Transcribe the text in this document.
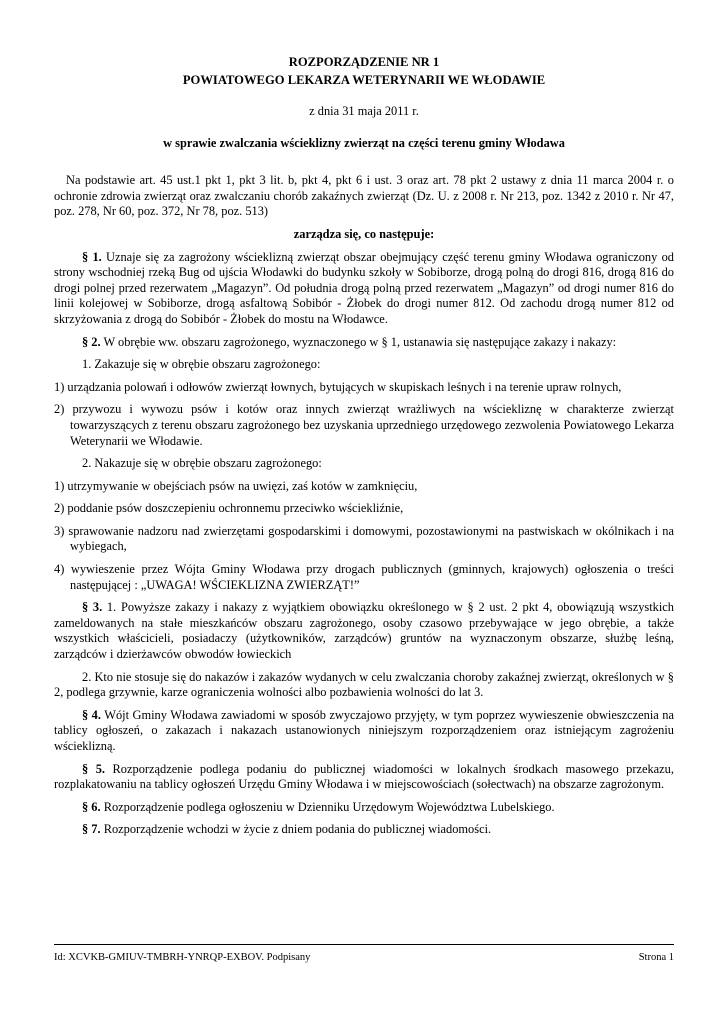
ROZPORZĄDZENIE NR 1
POWIATOWEGO LEKARZA WETERYNARII WE WŁODAWIE
z dnia 31 maja 2011 r.
w sprawie zwalczania wścieklizny zwierząt na części terenu gminy Włodawa

Na podstawie art. 45 ust.1 pkt 1, pkt 3 lit. b, pkt 4, pkt 6 i ust. 3 oraz art. 78 pkt 2 ustawy z dnia 11 marca 2004 r. o ochronie zdrowia zwierząt oraz zwalczaniu chorób zakaźnych zwierząt (Dz. U. z 2008 r. Nr 213, poz. 1342 z 2010 r. Nr 47, poz. 278, Nr 60, poz. 372, Nr 78, poz. 513)

zarządza się, co następuje:

§ 1. Uznaje się za zagrożony wścieklizną zwierząt obszar obejmujący część terenu gminy Włodawa ograniczony od strony wschodniej rzeką Bug od ujścia Włodawki do budynku szkoły w Sobiborze, drogą polną do drogi 816, drogą 816 do drogi polnej przed rezerwatem „Magazyn”. Od południa drogą polną przed rezerwatem „Magazyn” od drogi numer 816 do linii kolejowej w Sobiborze, drogą asfaltową Sobibór - Żłobek do drogi numer 812. Od zachodu drogą numer 812 od skrzyżowania z drogą do Sobibór - Żłobek do mostu na Włodawce.

§ 2. W obrębie ww. obszaru zagrożonego, wyznaczonego w § 1, ustanawia się następujące zakazy i nakazy:

1. Zakazuje się w obrębie obszaru zagrożonego:

1) urządzania polowań i odłowów zwierząt łownych, bytujących w skupiskach leśnych i na terenie upraw rolnych,

2) przywozu i wywozu psów i kotów oraz innych zwierząt wrażliwych na wściekliznę w charakterze zwierząt towarzyszących z terenu obszaru zagrożonego bez uzyskania uprzedniego urzędowego zezwolenia Powiatowego Lekarza Weterynarii we Włodawie.

2. Nakazuje się w obrębie obszaru zagrożonego:

1) utrzymywanie w obejściach psów na uwięzi, zaś kotów w zamknięciu,

2) poddanie psów doszczepieniu ochronnemu przeciwko wściekliźnie,

3) sprawowanie nadzoru nad zwierzętami gospodarskimi i domowymi, pozostawionymi na pastwiskach w okólnikach i na wybiegach,

4) wywieszenie przez Wójta Gminy Włodawa przy drogach publicznych (gminnych, krajowych) ogłoszenia o treści następującej : „UWAGA! WŚCIEKLIZNA ZWIERZĄT!”

§ 3. 1. Powyższe zakazy i nakazy z wyjątkiem obowiązku określonego w § 2 ust. 2 pkt 4, obowiązują wszystkich zameldowanych na stałe mieszkańców obszaru zagrożonego, osoby czasowo przebywające w jego obrębie, a także wszystkich właścicieli, posiadaczy (użytkowników, zarządców) gruntów na wyznaczonym obszarze, służbę leśną, zarządców i dzierżawców obwodów łowieckich

2. Kto nie stosuje się do nakazów i zakazów wydanych w celu zwalczania choroby zakaźnej zwierząt, określonych w § 2, podlega grzywnie, karze ograniczenia wolności albo pozbawienia wolności do lat 3.

§ 4. Wójt Gminy Włodawa zawiadomi w sposób zwyczajowo przyjęty, w tym poprzez wywieszenie obwieszczenia na tablicy ogłoszeń, o zakazach i nakazach ustanowionych niniejszym rozporządzeniem oraz istniejącym zagrożeniu wścieklizną.

§ 5. Rozporządzenie podlega podaniu do publicznej wiadomości w lokalnych środkach masowego przekazu, rozplakatowaniu na tablicy ogłoszeń Urzędu Gminy Włodawa i w miejscowościach (sołectwach) na obszarze zagrożonym.

§ 6. Rozporządzenie podlega ogłoszeniu w Dzienniku Urzędowym Województwa Lubelskiego.

§ 7. Rozporządzenie wchodzi w życie z dniem podania do publicznej wiadomości.

Id: XCVKB-GMIUV-TMBRH-YNRQP-EXBOV. Podpisany	Strona 1
